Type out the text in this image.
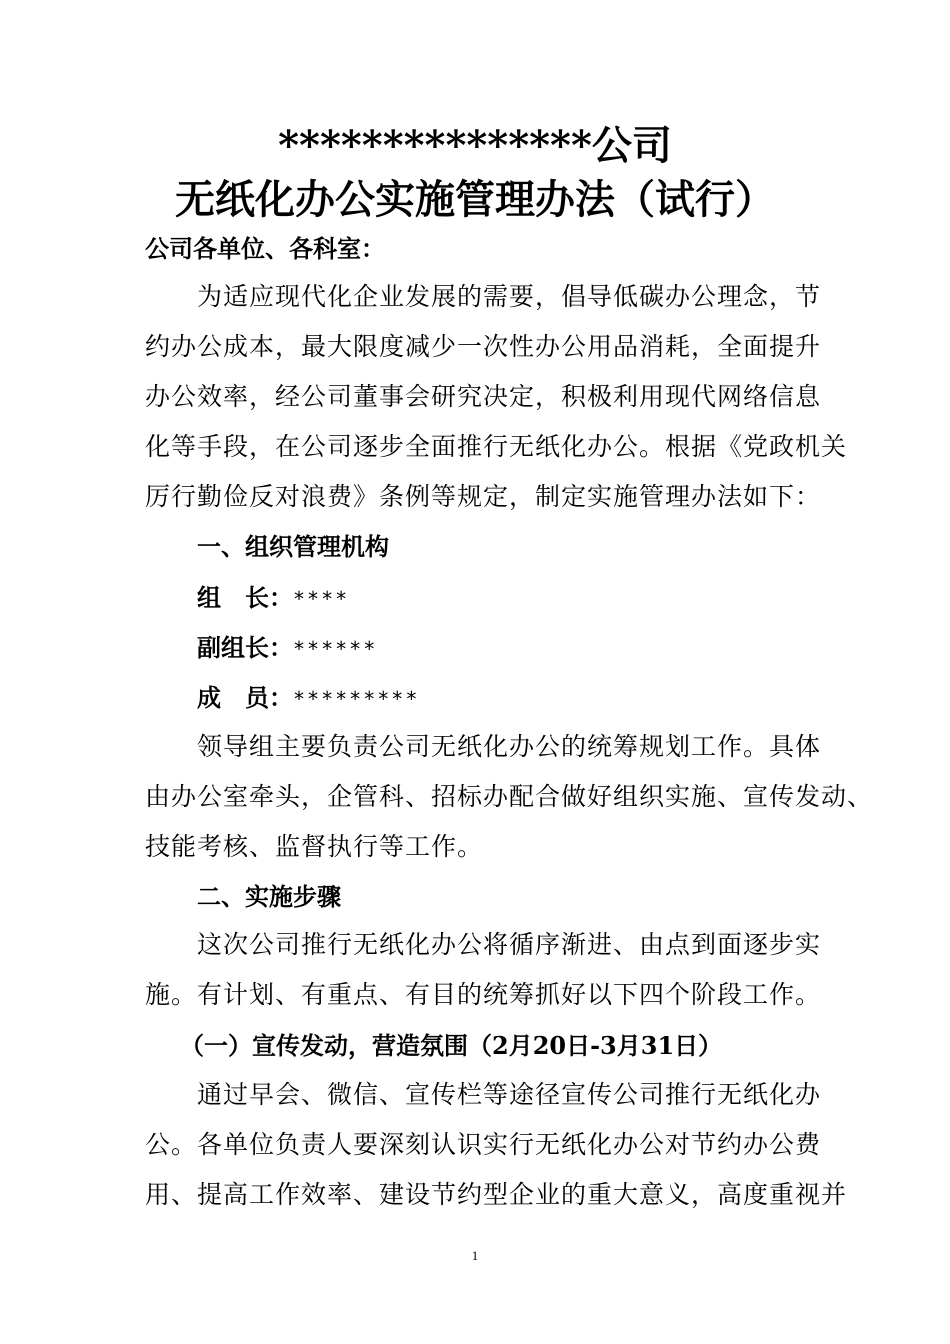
***************公司
无纸化办公实施管理办法（试行）
公司各单位、各科室：
为适应现代化企业发展的需要，倡导低碳办公理念，节
约办公成本，最大限度减少一次性办公用品消耗，全面提升
办公效率，经公司董事会研究决定，积极利用现代网络信息
化等手段，在公司逐步全面推行无纸化办公。根据《党政机关
厉行勤俭反对浪费》条例等规定，制定实施管理办法如下：
一、组织管理机构
组　长：****
副组长：******
成　员：*********
领导组主要负责公司无纸化办公的统筹规划工作。具体
由办公室牵头，企管科、招标办配合做好组织实施、宣传发动、
技能考核、监督执行等工作。
二、实施步骤
这次公司推行无纸化办公将循序渐进、由点到面逐步实
施。有计划、有重点、有目的统筹抓好以下四个阶段工作。
（一）宣传发动，营造氛围（2月20日-3月31日）
通过早会、微信、宣传栏等途径宣传公司推行无纸化办
公。各单位负责人要深刻认识实行无纸化办公对节约办公费
用、提高工作效率、建设节约型企业的重大意义，高度重视并
1
